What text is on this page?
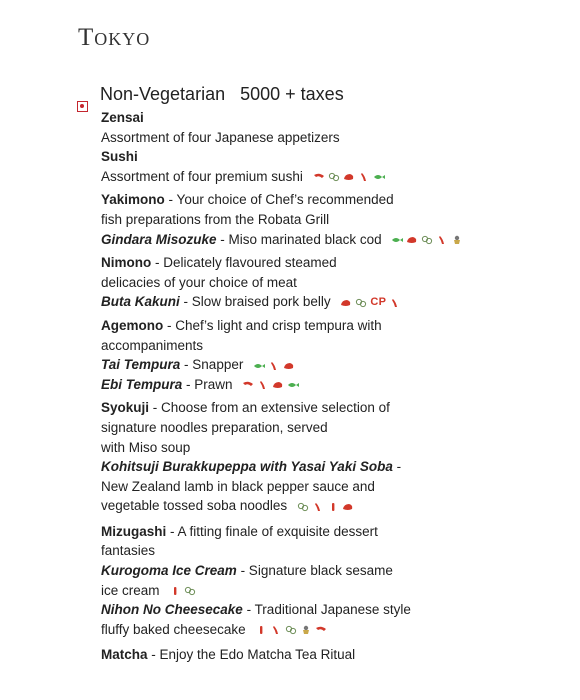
Tokyo
Non-Vegetarian 5000 + taxes
Zensai
Assortment of four Japanese appetizers
Sushi
Assortment of four premium sushi
Yakimono - Your choice of Chef’s recommended
fish preparations from the Robata Grill
Gindara Misozuke - Miso marinated black cod
Nimono - Delicately flavoured steamed
delicacies of your choice of meat
Buta Kakuni - Slow braised pork belly	CP
Agemono - Chef’s light and crisp tempura with
accompaniments
Tai Tempura - Snapper
Ebi Tempura - Prawn
Syokuji - Choose from an extensive selection of
signature noodles preparation, served
with Miso soup
Kohitsuji Burakkupeppa with Yasai Yaki Soba -
New Zealand lamb in black pepper sauce and
vegetable tossed soba noodles
Mizugashi - A fitting finale of exquisite dessert
fantasies
Kurogoma Ice Cream - Signature black sesame
ice cream
Nihon No Cheesecake - Traditional Japanese style
fluffy baked cheesecake
Matcha - Enjoy the Edo Matcha Tea Ritual
